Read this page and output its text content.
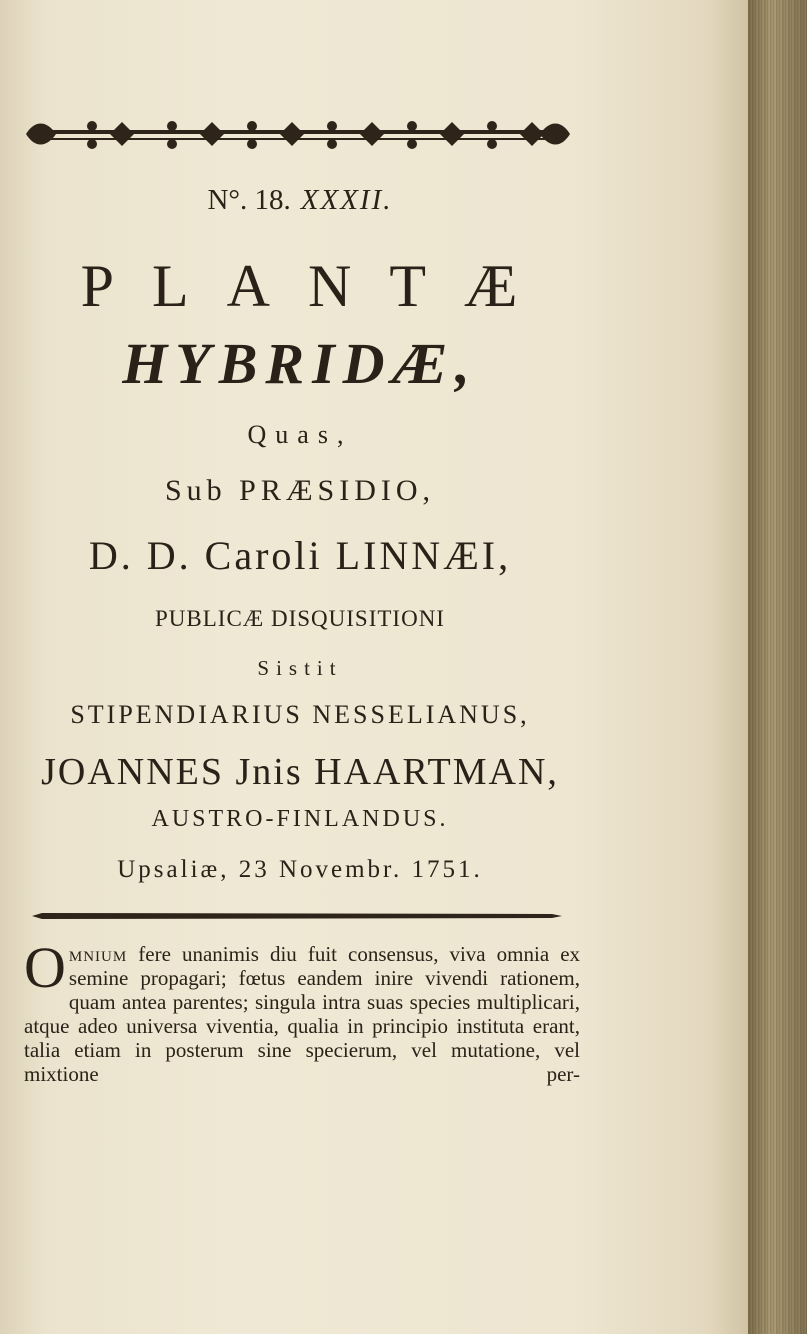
N°. 18. XXXII.
PLANTÆ
HYBRIDÆ,
Quas,
Sub PRÆSIDIO,
D. D. Caroli LINNÆI,
PUBLICÆ DISQUISITIONI
Sistit
STIPENDIARIUS NESSELIANUS,
JOANNES Jnis HAARTMAN,
AUSTRO-FINLANDUS.
Upsaliæ, 23 Novembr. 1751.
O mnium fere unanimis diu fuit consensus, viva omnia ex semine propagari; fœtus eandem inire vivendi rationem, quam antea parentes; singula intra suas species multiplicari, atque adeo universa viventia, qualia in principio instituta erant, talia etiam in posterum sine specierum, vel mutatione, vel mixtione per-
